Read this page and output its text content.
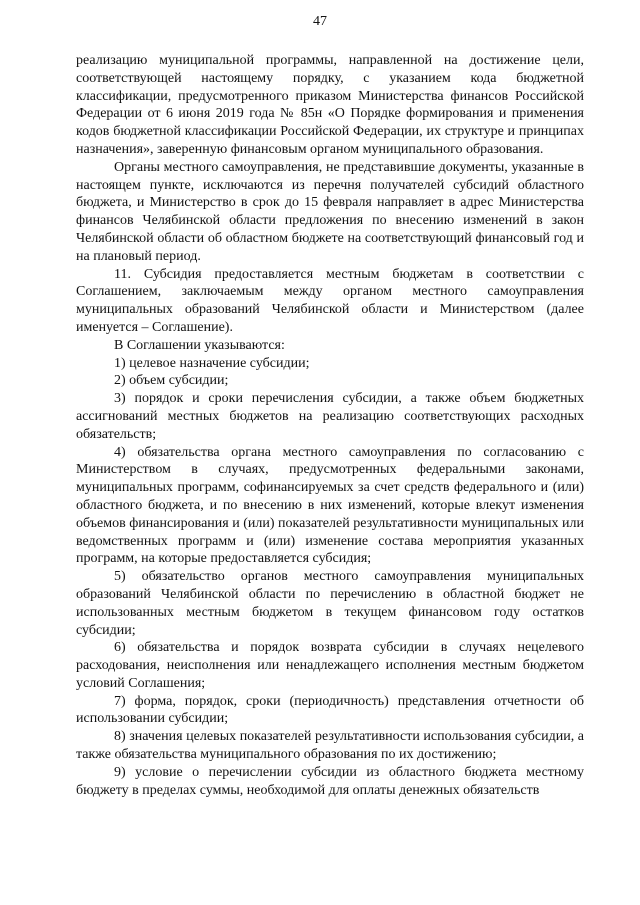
47

реализацию муниципальной программы, направленной на достижение цели, соответствующей настоящему порядку, с указанием кода бюджетной классификации, предусмотренного приказом Министерства финансов Российской Федерации от 6 июня 2019 года № 85н «О Порядке формирования и применения кодов бюджетной классификации Российской Федерации, их структуре и принципах назначения», заверенную финансовым органом муниципального образования.

Органы местного самоуправления, не представившие документы, указанные в настоящем пункте, исключаются из перечня получателей субсидий областного бюджета, и Министерство в срок до 15 февраля направляет в адрес Министерства финансов Челябинской области предложения по внесению изменений в закон Челябинской области об областном бюджете на соответствующий финансовый год и на плановый период.

11. Субсидия предоставляется местным бюджетам в соответствии с Соглашением, заключаемым между органом местного самоуправления муниципальных образований Челябинской области и Министерством (далее именуется – Соглашение).

В Соглашении указываются:

1) целевое назначение субсидии;

2) объем субсидии;

3) порядок и сроки перечисления субсидии, а также объем бюджетных ассигнований местных бюджетов на реализацию соответствующих расходных обязательств;

4) обязательства органа местного самоуправления по согласованию с Министерством в случаях, предусмотренных федеральными законами, муниципальных программ, софинансируемых за счет средств федерального и (или) областного бюджета, и по внесению в них изменений, которые влекут изменения объемов финансирования и (или) показателей результативности муниципальных или ведомственных программ и (или) изменение состава мероприятия указанных программ, на которые предоставляется субсидия;

5) обязательство органов местного самоуправления муниципальных образований Челябинской области по перечислению в областной бюджет не использованных местным бюджетом в текущем финансовом году остатков субсидии;

6) обязательства и порядок возврата субсидии в случаях нецелевого расходования, неисполнения или ненадлежащего исполнения местным бюджетом условий Соглашения;

7) форма, порядок, сроки (периодичность) представления отчетности об использовании субсидии;

8) значения целевых показателей результативности использования субсидии, а также обязательства муниципального образования по их достижению;

9) условие о перечислении субсидии из областного бюджета местному бюджету в пределах суммы, необходимой для оплаты денежных обязательств
